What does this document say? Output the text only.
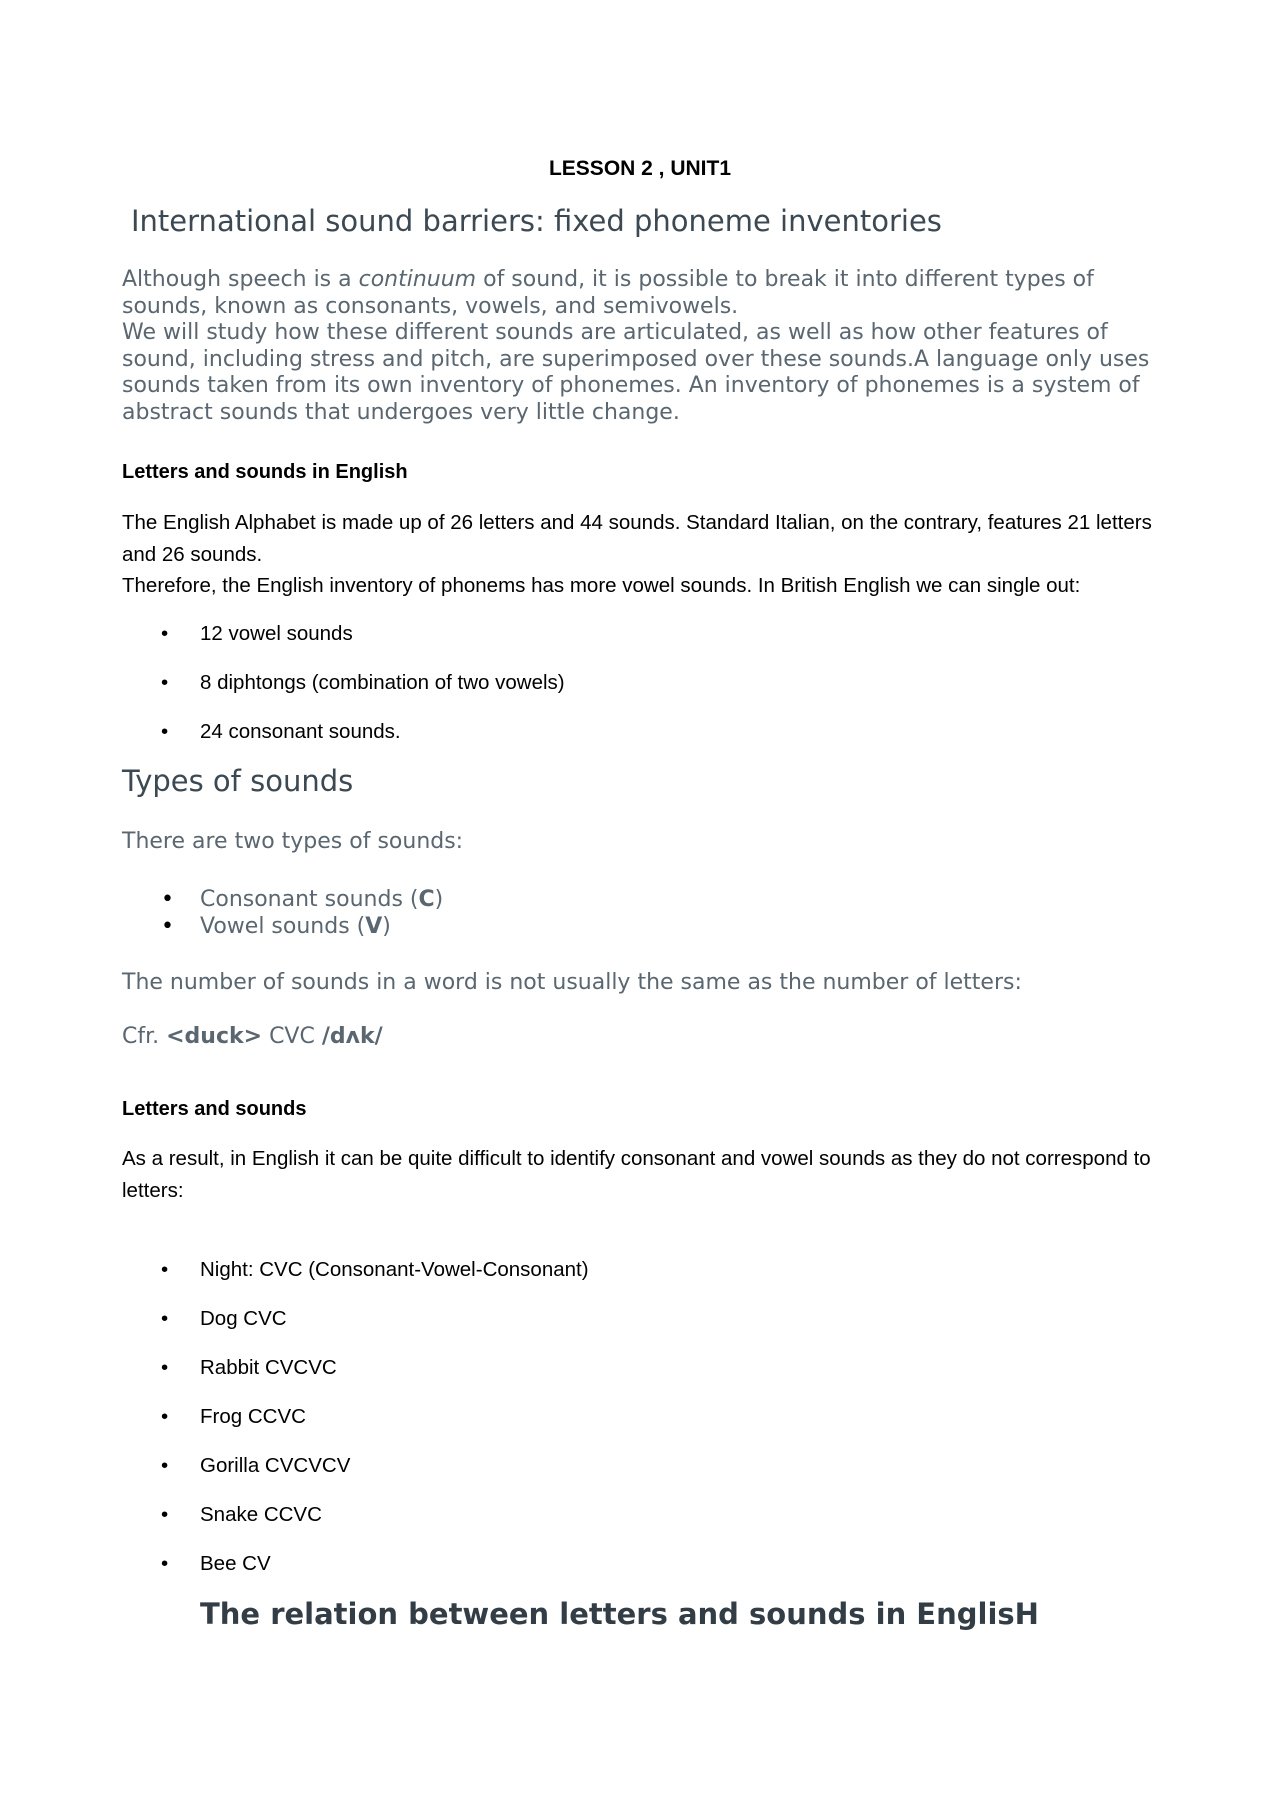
LESSON 2 , UNIT1
International sound barriers: fixed phoneme inventories

Although speech is a continuum of sound, it is possible to break it into different types of sounds, known as consonants, vowels, and semivowels.

We will study how these different sounds are articulated, as well as how other features of sound, including stress and pitch, are superimposed over these sounds.A language only uses sounds taken from its own inventory of phonemes. An inventory of phonemes is a system of abstract sounds that undergoes very little change.

Letters and sounds in English

The English Alphabet is made up of 26 letters and 44 sounds. Standard Italian, on the contrary, features 21 letters and 26 sounds.

Therefore, the English inventory of phonems has more vowel sounds. In British English we can single out:

• 12 vowel sounds
• 8 diphtongs (combination of two vowels)
• 24 consonant sounds.
Types of sounds
There are two types of sounds:
• Consonant sounds (C)
• Vowel sounds (V)
The number of sounds in a word is not usually the same as the number of letters:
Cfr. <duck> CVC /dʌk/
Letters and sounds

As a result, in English it can be quite difficult to identify consonant and vowel sounds as they do not correspond to letters:

• Night: CVC (Consonant-Vowel-Consonant)
• Dog CVC
• Rabbit CVCVC
• Frog CCVC
• Gorilla CVCVCV
• Snake CCVC
• Bee CV
The relation between letters and sounds in EnglisH
